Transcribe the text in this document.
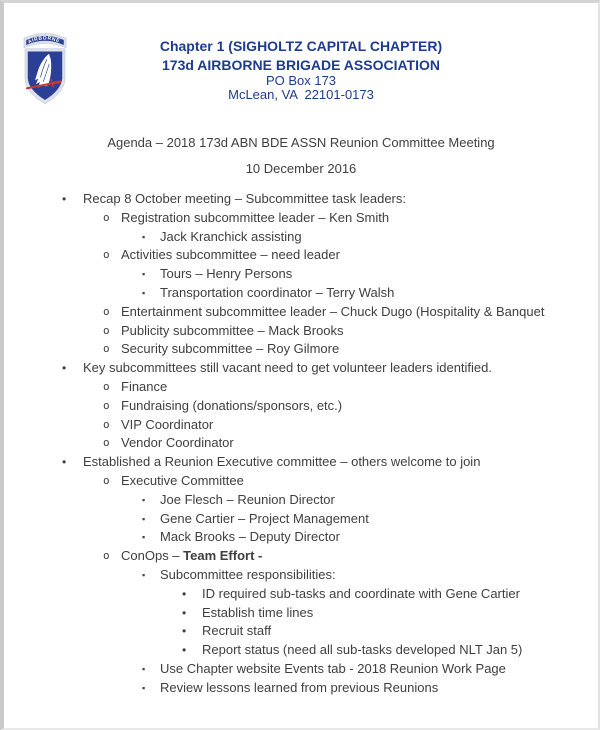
AIRBORNE	Chapter 1 (SIGHOLTZ CAPITAL CHAPTER)
173d AIRBORNE BRIGADE ASSOCIATION
PO Box 173
McLean, VA  22101-0173
Agenda – 2018 173d ABN BDE ASSN Reunion Committee Meeting
10 December 2016
• Recap 8 October meeting – Subcommittee task leaders:
o Registration subcommittee leader – Ken Smith
▪ Jack Kranchick assisting
o Activities subcommittee – need leader
▪ Tours – Henry Persons
▪ Transportation coordinator – Terry Walsh
o Entertainment subcommittee leader – Chuck Dugo (Hospitality & Banquet
o Publicity subcommittee – Mack Brooks
o Security subcommittee – Roy Gilmore
• Key subcommittees still vacant need to get volunteer leaders identified.
o Finance
o Fundraising (donations/sponsors, etc.)
o VIP Coordinator
o Vendor Coordinator
• Established a Reunion Executive committee – others welcome to join
o Executive Committee
▪ Joe Flesch – Reunion Director
▪ Gene Cartier – Project Management
▪ Mack Brooks – Deputy Director
o ConOps – Team Effort -
▪ Subcommittee responsibilities:
• ID required sub-tasks and coordinate with Gene Cartier
• Establish time lines
• Recruit staff
• Report status (need all sub-tasks developed NLT Jan 5)
▪ Use Chapter website Events tab - 2018 Reunion Work Page
▪ Review lessons learned from previous Reunions
